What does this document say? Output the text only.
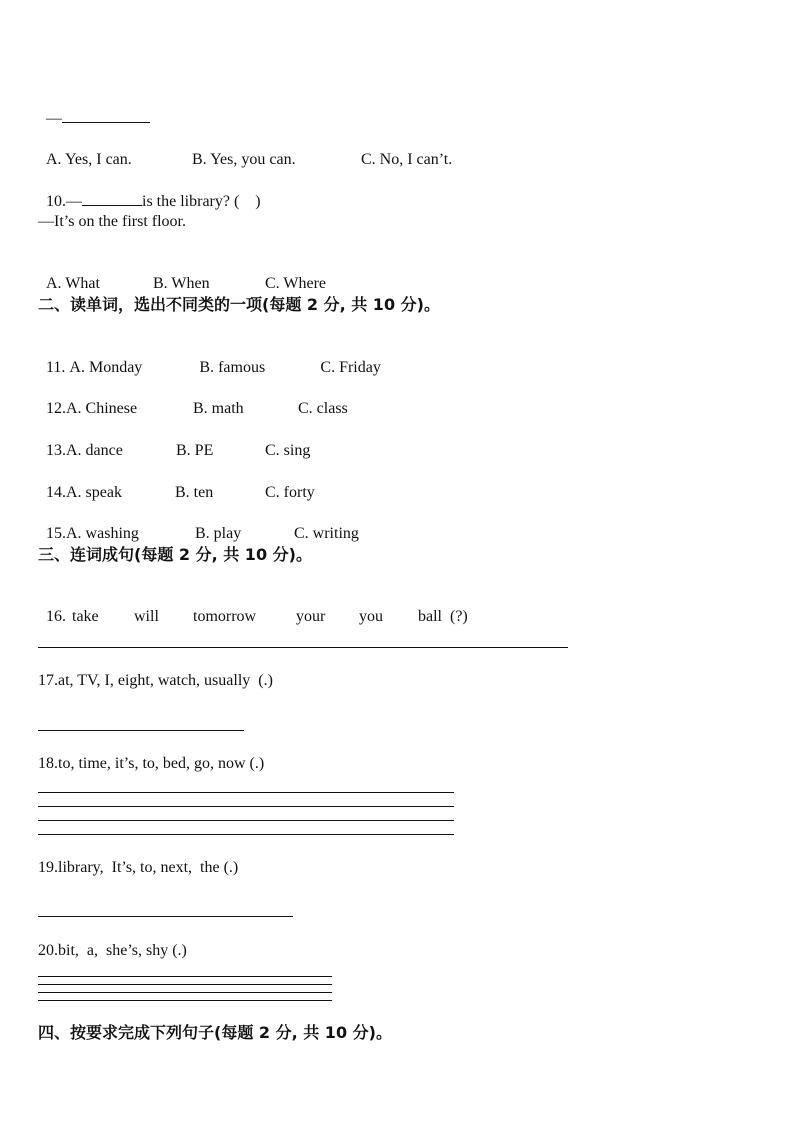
—

A. Yes, I can.	B. Yes, you can.	C. No, I can’t.

10.—	is the library? (    )

—It’s on the first floor.

A. What	B. When	C. Where

二、读单词，选出不同类的一项(每题 2 分, 共 10 分)。

11. A. Monday	B. famous	C. Friday

12.A. Chinese	B. math	C. class

13.A. dance	B. PE	C. sing

14.A. speak	B. ten	C. forty

15.A. washing	B. play	C. writing

三、连词成句(每题 2 分, 共 10 分)。

16. take will tomorrow your you ball  (?)

17.at, TV, I, eight, watch, usually  (.)
18.to, time, it’s, to, bed, go, now (.)
19.library,  It’s, to, next,  the (.)
20.bit,  a,  she’s, shy (.)
四、按要求完成下列句子(每题 2 分, 共 10 分)。
